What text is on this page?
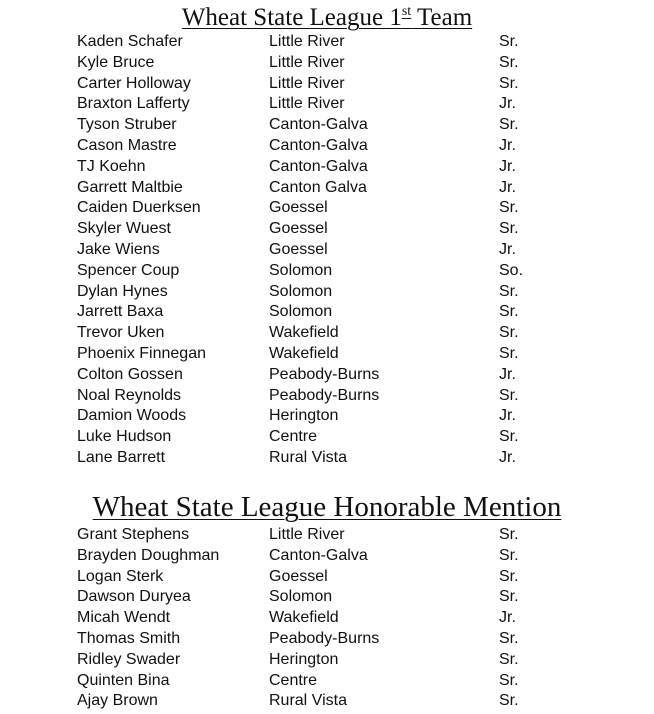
Wheat State League 1st Team
Kaden Schafer	Little River	Sr.
Kyle Bruce	Little River	Sr.
Carter Holloway	Little River	Sr.
Braxton Lafferty	Little River	Jr.
Tyson Struber	Canton-Galva	Sr.
Cason Mastre	Canton-Galva	Jr.
TJ Koehn	Canton-Galva	Jr.
Garrett Maltbie	Canton Galva	Jr.
Caiden Duerksen	Goessel	Sr.
Skyler Wuest	Goessel	Sr.
Jake Wiens	Goessel	Jr.
Spencer Coup	Solomon	So.
Dylan Hynes	Solomon	Sr.
Jarrett Baxa	Solomon	Sr.
Trevor Uken	Wakefield	Sr.
Phoenix Finnegan	Wakefield	Sr.
Colton Gossen	Peabody-Burns	Jr.
Noal Reynolds	Peabody-Burns	Sr.
Damion Woods	Herington	Jr.
Luke Hudson	Centre	Sr.
Lane Barrett	Rural Vista	Jr.
Wheat State League Honorable Mention
Grant Stephens	Little River	Sr.
Brayden Doughman	Canton-Galva	Sr.
Logan Sterk	Goessel	Sr.
Dawson Duryea	Solomon	Sr.
Micah Wendt	Wakefield	Jr.
Thomas Smith	Peabody-Burns	Sr.
Ridley Swader	Herington	Sr.
Quinten Bina	Centre	Sr.
Ajay Brown	Rural Vista	Sr.
